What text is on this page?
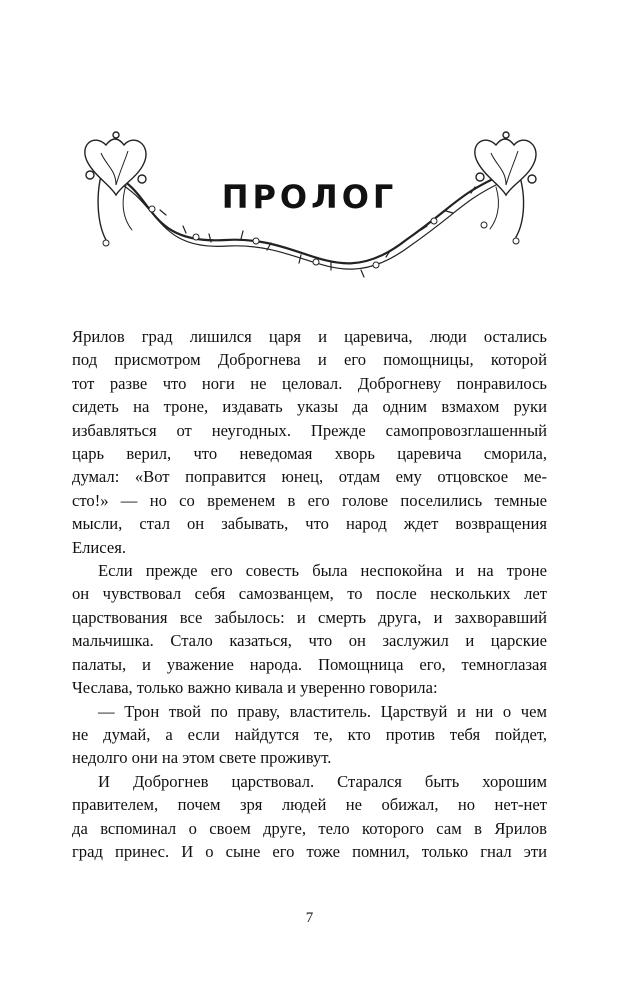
ПРОЛОГ

Ярилов град лишился царя и царевича, люди остались

под присмотром Доброгнева и его помощницы, которой

тот разве что ноги не целовал. Доброгневу понравилось

сидеть на троне, издавать указы да одним взмахом руки

избавляться от неугодных. Прежде самопровозглашенный

царь верил, что неведомая хворь царевича сморила,

думал: «Вот поправится юнец, отдам ему отцовское ме-

сто!» — но со временем в его голове поселились темные

мысли, стал он забывать, что народ ждет возвращения

Елисея.

Если прежде его совесть была неспокойна и на троне

он чувствовал себя самозванцем, то после нескольких лет

царствования все забылось: и смерть друга, и захворавший

мальчишка. Стало казаться, что он заслужил и царские

палаты, и уважение народа. Помощница его, темноглазая

Чеслава, только важно кивала и уверенно говорила:

— Трон твой по праву, властитель. Царствуй и ни о чем

не думай, а если найдутся те, кто против тебя пойдет,

недолго они на этом свете проживут.

И Доброгнев царствовал. Старался быть хорошим

правителем, почем зря людей не обижал, но нет-нет

да вспоминал о своем друге, тело которого сам в Ярилов

град принес. И о сыне его тоже помнил, только гнал эти

7
